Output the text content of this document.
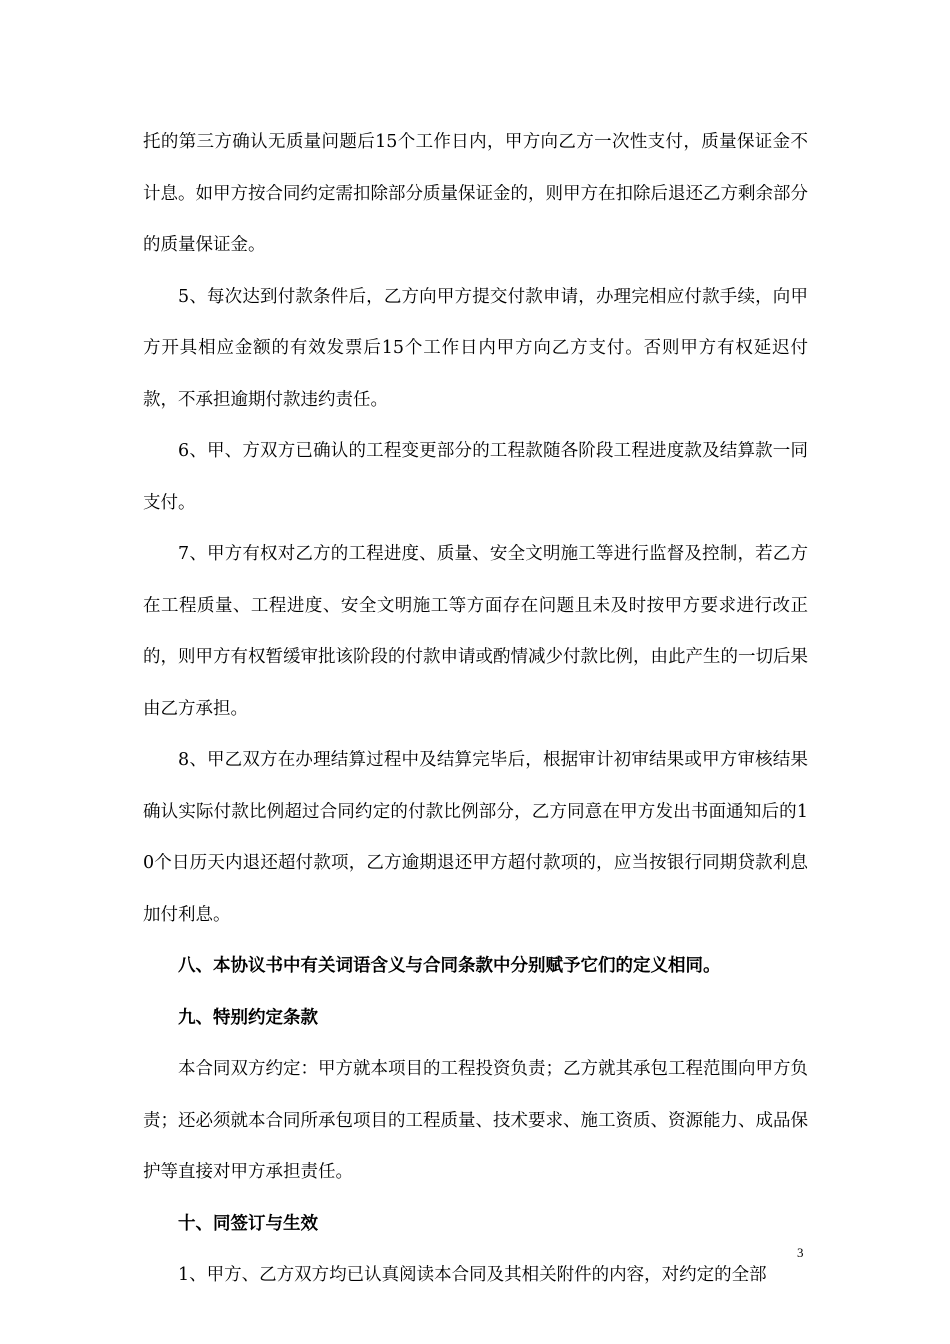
托的第三方确认无质量问题后15个工作日内，甲方向乙方一次性支付，质量保证金不计息。如甲方按合同约定需扣除部分质量保证金的，则甲方在扣除后退还乙方剩余部分的质量保证金。

5、每次达到付款条件后，乙方向甲方提交付款申请，办理完相应付款手续，向甲方开具相应金额的有效发票后15个工作日内甲方向乙方支付。否则甲方有权延迟付款，不承担逾期付款违约责任。

6、甲、方双方已确认的工程变更部分的工程款随各阶段工程进度款及结算款一同支付。

7、甲方有权对乙方的工程进度、质量、安全文明施工等进行监督及控制，若乙方在工程质量、工程进度、安全文明施工等方面存在问题且未及时按甲方要求进行改正的，则甲方有权暂缓审批该阶段的付款申请或酌情减少付款比例，由此产生的一切后果由乙方承担。

8、甲乙双方在办理结算过程中及结算完毕后，根据审计初审结果或甲方审核结果确认实际付款比例超过合同约定的付款比例部分，乙方同意在甲方发出书面通知后的10个日历天内退还超付款项，乙方逾期退还甲方超付款项的，应当按银行同期贷款利息加付利息。

八、本协议书中有关词语含义与合同条款中分别赋予它们的定义相同。

九、特别约定条款

本合同双方约定：甲方就本项目的工程投资负责；乙方就其承包工程范围向甲方负责；还必须就本合同所承包项目的工程质量、技术要求、施工资质、资源能力、成品保护等直接对甲方承担责任。

十、同签订与生效

1、甲方、乙方双方均已认真阅读本合同及其相关附件的内容，对约定的全部

3
